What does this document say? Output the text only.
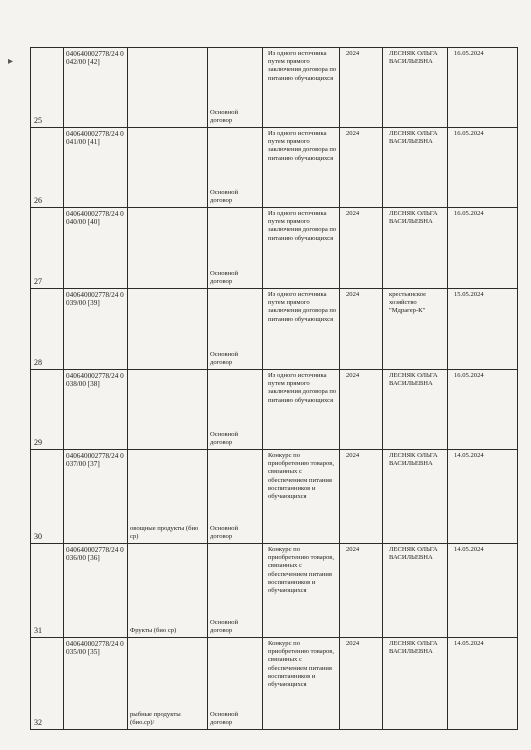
▸
25	040640002778/24 0042/00 [42]		Основной договор	Из одного источника путем прямого заключения договора по питанию обучающихся	2024	ЛЕСНЯК ОЛЬГА ВАСИЛЬЕВНА	16.05.2024
26	040640002778/24 0041/00 [41]		Основной договор	Из одного источника путем прямого заключения договора по питанию обучающихся	2024	ЛЕСНЯК ОЛЬГА ВАСИЛЬЕВНА	16.05.2024
27	040640002778/24 0040/00 [40]		Основной договор	Из одного источника путем прямого заключения договора по питанию обучающихся	2024	ЛЕСНЯК ОЛЬГА ВАСИЛЬЕВНА	16.05.2024
28	040640002778/24 0039/00 [39]		Основной договор	Из одного источника путем прямого заключения договора по питанию обучающихся	2024	крестьянское хозяйство "Мдрагер-К"	15.05.2024
29	040640002778/24 0038/00 [38]		Основной договор	Из одного источника путем прямого заключения договора по питанию обучающихся	2024	ЛЕСНЯК ОЛЬГА ВАСИЛЬЕВНА	16.05.2024
30	040640002778/24 0037/00 [37]	овощные продукты (био ср)	Основной договор	Конкурс по приобретению товаров, связанных с обеспечением питания воспитанников и обучающихся	2024	ЛЕСНЯК ОЛЬГА ВАСИЛЬЕВНА	14.05.2024
31	040640002778/24 0036/00 [36]	Фрукты (био ср)	Основной договор	Конкурс по приобретению товаров, связанных с обеспечением питания воспитанников и обучающихся	2024	ЛЕСНЯК ОЛЬГА ВАСИЛЬЕВНА	14.05.2024
32	040640002778/24 0035/00 [35]	рыбные продукты (био.ср)/	Основной договор	Конкурс по приобретению товаров, связанных с обеспечением питания воспитанников и обучающихся	2024	ЛЕСНЯК ОЛЬГА ВАСИЛЬЕВНА	14.05.2024
